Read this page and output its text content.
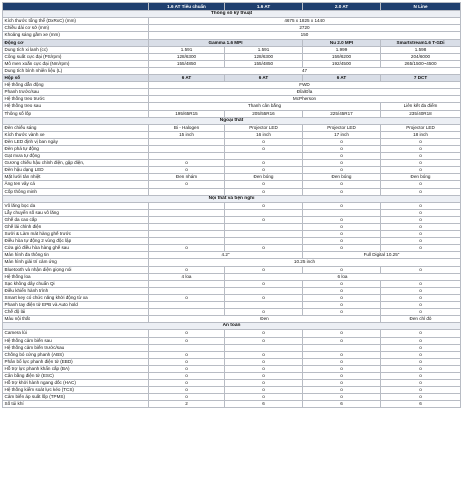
	1.6 AT Tiêu chuẩn	1.6 AT	2.0 AT	N Line
Thông số kỹ thuật				
Kích thước tổng thể (DxRxC) (mm)	4675 x 1825 x 1440			
Chiều dài cơ sở (mm)	2720			
Khoảng sáng gầm xe (mm)	150			
Động cơ	Gamma 1.6 MPI		Nu 2.0 MPI	Smartstream1.6 T-GDi
Dung tích xi lanh (cc)	1.591	1.591	1.999	1.598
Công suất cực đại (PS/rpm)	128/6300	128/6300	159/6200	204/6000
Mô men xoắn cực đại (Nm/rpm)	155/4850	155/4850	192/4500	265/1500~4500
Dung tích bình nhiên liệu (L)	47			
Hộp số	6 AT	6 AT	6 AT	7 DCT
Hệ thống dẫn động	FWD			
Phanh trước/sau	Đĩa/Đĩa			
Hệ thống treo trước	McPherson			
Hệ thống treo sau	Thanh cân bằng			Liên kết đa điểm
Thông số lốp	195/65R15	205/55R16	225/45R17	235/40R18
Ngoại thất				
Đèn chiếu sáng	Bi - Halogen	Projector LED	Projector LED	Projector LED
Kích thước vành xe	15 inch	16 inch	17 inch	18 inch
Đèn LED định vị ban ngày		o	o	o
Đèn phá tự động		o	o	o
Gạt mưa tự động			o	o
Gương chiếu hậu chỉnh điện, gập điện,	o	o	o	o
Đèn hậu dạng LED	o	o	o	o
Mặt lưới tản nhiệt	Đen nhám	Đen bóng	Đen bóng	Đen bóng
Ăng ten vây cá	o	o	o	o
Cốp thông minh		o	o	o
Nội thất và tiện nghi				
Vô lăng bọc da		o	o	o
Lẫy chuyển số sau vô lăng				o
Ghế da cao cấp		o	o	o
Ghế lái chỉnh điện			o	o
Sưởi & Làm mát hàng ghế trước			o	o
Điều hòa tự động 2 vùng độc lập			o	o
Cửa gió điều hòa hàng ghế sau	o	o	o	o
Màn hình đa thông tin	4.2"		Full Digital 10.25"	
Màn hình giải trí cảm ứng	10.25 inch			
Bluetooth và nhận diện giọng nói	o	o	o	o
Hệ thống loa	4 loa	6 loa		
Sạc không dây chuẩn Qi		o	o	o
Điều khiển hành trình			o	o
Smart key có chức năng khởi động từ xa	o	o	o	o
Phanh tay điện tử EPB và Auto hold			o	o
Chế độ lái		o	o	o
Màu nội thất	Đen			Đen chỉ đỏ
An toàn				
Camera lùi	o	o	o	o
Hệ thống cảm biến sau	o	o	o	o
Hệ thống cảm biến trước/sau				o
Chống bó cứng phanh (ABS)	o	o	o	o
Phân bổ lực phanh điện tử (EBD)	o	o	o	o
Hỗ trợ lực phanh khẩn cấp (BA)	o	o	o	o
Cân bằng điện tử (ESC)	o	o	o	o
Hỗ trợ khởi hành ngang dốc (HAC)	o	o	o	o
Hệ thống kiểm soát lực kéo (TCS)	o	o	o	o
Cảm biến áp suất lốp (TPMS)	o	o	o	o
Số túi khí	2	6	6	6
